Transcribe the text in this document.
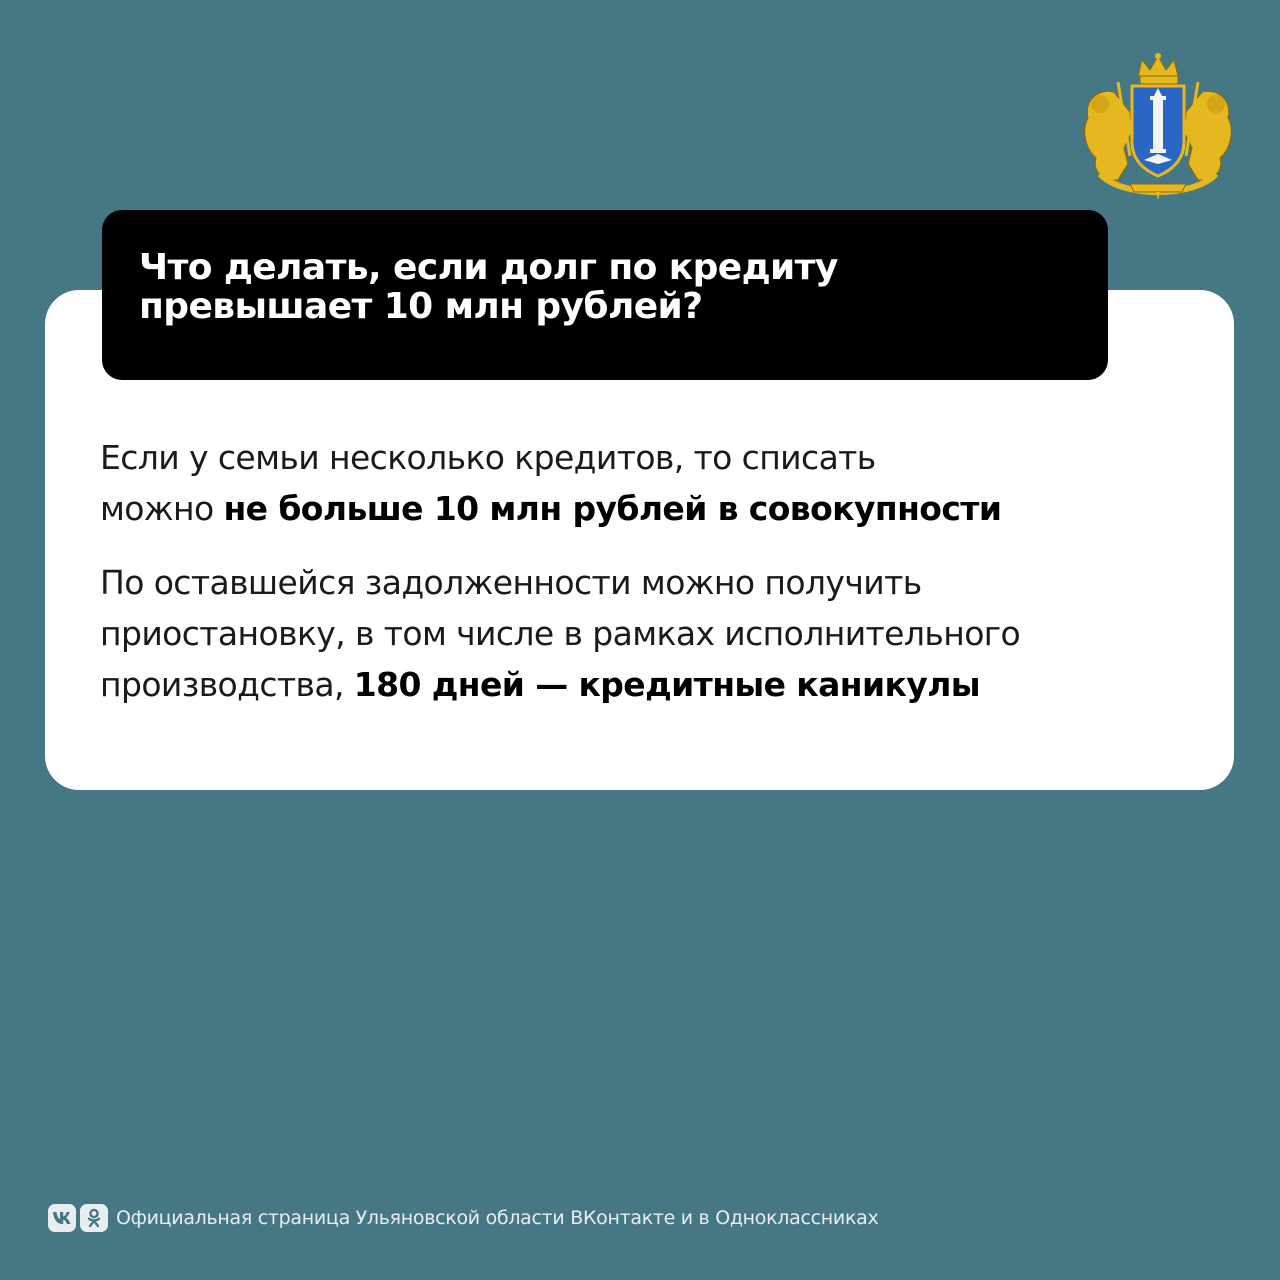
Что делать, если долг по кредиту
превышает 10 млн рублей?
Если у семьи несколько кредитов, то списать
можно не больше 10 млн рублей в совокупности
По оставшейся задолженности можно получить
приостановку, в том числе в рамках исполнительного
производства, 180 дней — кредитные каникулы
Официальная страница Ульяновской области ВКонтакте и в Одноклассниках
